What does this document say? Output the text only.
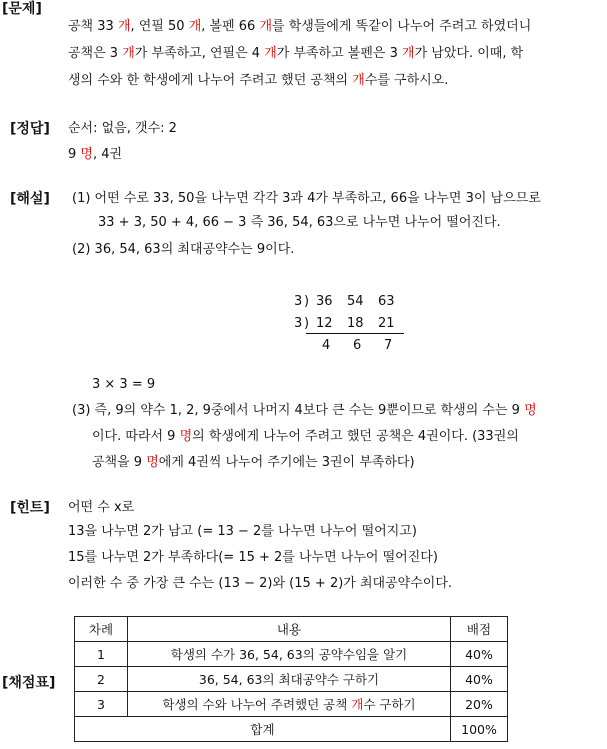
[문제]
공책 33 개, 연필 50 개, 볼펜 66 개를 학생들에게 똑같이 나누어 주려고 하였더니
공책은 3 개가 부족하고, 연필은 4 개가 부족하고 볼펜은 3 개가 남았다. 이때, 학
생의 수와 한 학생에게 나누어 주려고 했던 공책의 개수를 구하시오.
[정답] 순서: 없음, 갯수: 2
9 명, 4권
[해설] (1) 어떤 수로 33, 50을 나누면 각각 3과 4가 부족하고, 66을 나누면 3이 남으므로
33 + 3, 50 + 4, 66 − 3 즉 36, 54, 63으로 나누면 나누어 떨어진다.
(2) 36, 54, 63의 최대공약수는 9이다.
3 ) 36 54 63
3 ) 12 18 21
4 6 7
3 × 3 = 9
(3) 즉, 9의 약수 1, 2, 9중에서 나머지 4보다 큰 수는 9뿐이므로 학생의 수는 9 명
이다. 따라서 9 명의 학생에게 나누어 주려고 했던 공책은 4권이다. (33권의
공책을 9 명에게 4권씩 나누어 주기에는 3권이 부족하다)
[힌트] 어떤 수 x로
13을 나누면 2가 남고 (= 13 − 2를 나누면 나누어 떨어지고)
15를 나누면 2가 부족하다(= 15 + 2를 나누면 나누어 떨어진다)
이러한 수 중 가장 큰 수는 (13 − 2)와 (15 + 2)가 최대공약수이다.
[채점표]
차례	내용	배점
1	학생의 수가 36, 54, 63의 공약수임을 알기	40%
2	36, 54, 63의 최대공약수 구하기	40%
3	학생의 수와 나누어 주려했던 공책 개수 구하기	20%
합계		100%
